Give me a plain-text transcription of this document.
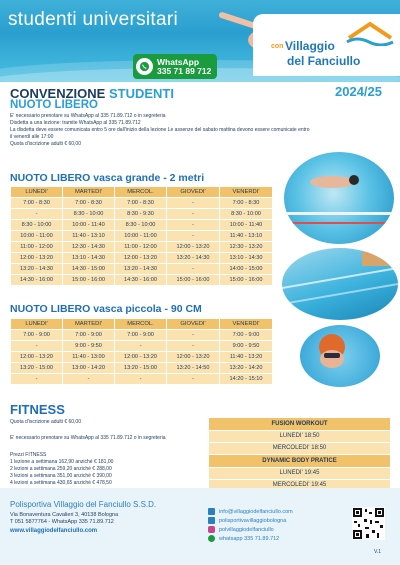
studenti universitari
WhatsApp
335 71 89 712
con Villaggio
del Fanciullo
CONVENZIONE STUDENTI	2024/25
NUOTO LIBERO
E' necessario prenotare su WhatsApp al 335 71.89.712 o in segreteria
Disdetta a una lezione: tramite WhatsApp al 335 71.89.712
La disdetta deve essere comunicata entro 5 ore dall'inizio della lezione Le assenze del sabato mattina devono essere comunicate entro
il venerdì alle 17:00
Quota d'iscrizione adulti € 60,00
NUOTO LIBERO vasca grande - 2 metri
LUNEDI'	MARTEDI'	MERCOL.	GIOVEDI'	VENERDI'
7:00 - 8:30	7:00 - 8:30	7:00 - 8:30	-	7:00 - 8:30
-	8:30 - 10:00	8:30 - 9:30	-	8:30 - 10:00
8:30 - 10:00	10:00 - 11:40	8:30 - 10:00	-	10:00 - 11:40
10:00 - 11:00	11:40 - 13:10	10:00 - 11:00	-	11:40 - 13:10
11:00 - 12:00	12:30 - 14:30	11:00 - 12:00	12:00 - 13:20	12:30 - 13:20
12:00 - 13:20	13:10 - 14:30	12:00 - 13:20	13:20 - 14:30	13:10 - 14:30
13:20 - 14:30	14:30 - 15:00	13:20 - 14:30	-	14:00 - 15:00
14:30 - 16:00	15:00 - 16:00	14:30 - 16:00	15:00 - 16:00	15:00 - 16:00
NUOTO LIBERO vasca piccola - 90 CM
LUNEDI'	MARTEDI'	MERCOL.	GIOVEDI'	VENERDI'
7:00 - 9:00	7:00 - 9:00	7:00 - 9:00	-	7:00 - 9:00
-	9:00 - 9:50	-	-	9:00 - 9:50
12:00 - 13:20	11:40 - 13:00	12:00 - 13:20	12:00 - 13:20	11:40 - 13:20
13:20 - 15:00	13:00 - 14:20	13:20 - 15:00	13:20 - 14:50	13:20 - 14:20
-	-	-	-	14:20 - 15:10
FITNESS
Quota d'iscrizione adulti € 60,00
E' necessario prenotare su WhatsApp al 335 71.89.712 o in segreteria
Prezzi FITNESS
1 lezione a settimana 162,90 anziché € 181,00
2 lezioni a settimana 259,20 anziché € 288,00
3 lezioni a settimana 351,00 anziché € 390,00
4 lezioni a settimana 430,65 anziché € 478,50
FUSION WORKOUT
LUNEDI' 18:50
MERCOLEDI' 18:50
DYNAMIC BODY PRATICE
LUNEDI' 19:45
MERCOLEDI' 19:45
Polisportiva Villaggio del Fanciullo S.S.D.
Via Bonaventura Cavalieri 3, 40138 Bologna
T 051 5877764 - WhatsApp 335 71.89.712
www.villaggiodelfanciullo.com
info@villaggiodelfanciullo.com
polisportivavillaggiobologna
polvillaggiodelfanciullo
whatsapp 335 71.89.712
V.1
